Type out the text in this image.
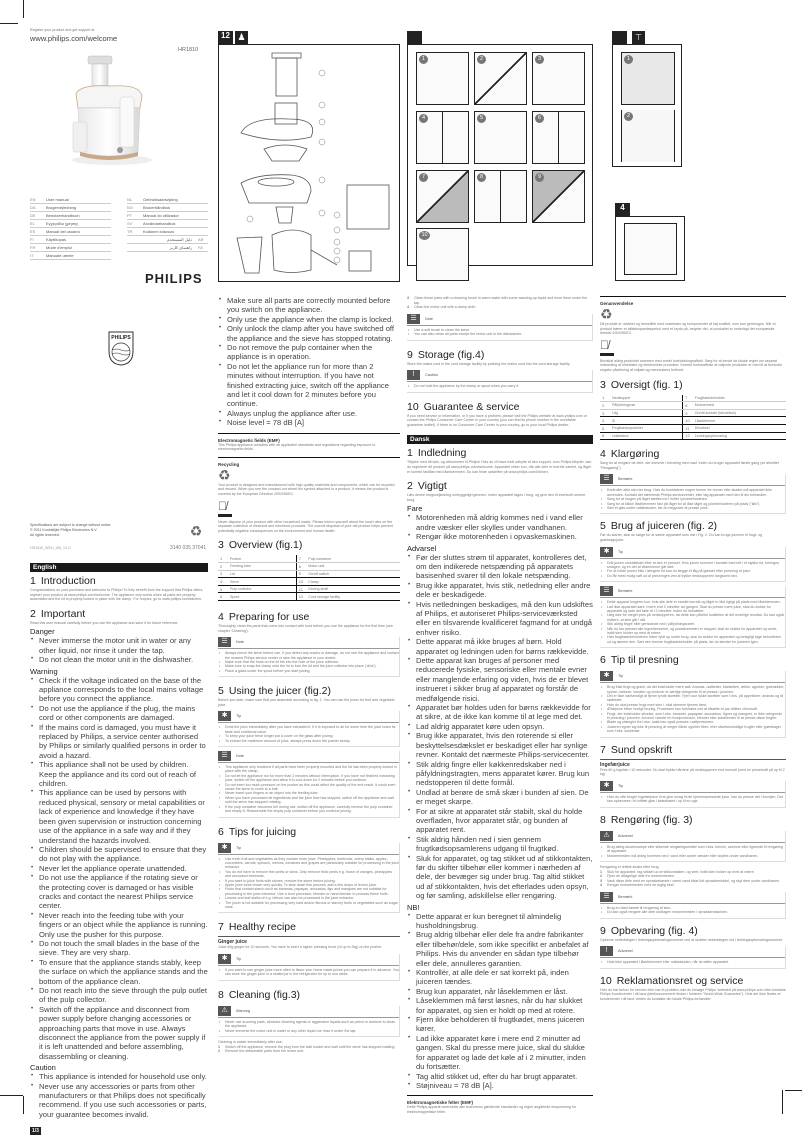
Register your product and get support at
www.philips.com/welcome
HR1810
EN	User manual
DA	Brugervejledning
DE	Benutzerhandbuch
EL	Εγχειρίδιο χρήσης
ES	Manual del usuario
FI	Käyttöopas
FR	Mode d'emploi
IT	Manuale utente
NL	Gebruiksaanwijzing
NO	Brukerhåndbok
PT	Manual do utilizador
SV	Användarhandbok
TR	Kullanım kılavuzu
دليل المستخدم AR
راهنمای کاربر FA
PHILIPS
PHILIPS
Specifications are subject to change without notice
© 2011 Koninklijke Philips Electronics N.V.
All rights reserved.	♻
HR1810_WEU_UM_V1.0	3140 035 37041
English
1 Introduction
Congratulations on your purchase and welcome to Philips! To fully benefit from the support that Philips offers, register your product at www.philips.com/welcome. The appliance only works when all parts are properly assembled and the lid is properly locked in place with the clamp. For recipes, go to www.philips.com/kitchen.
2 Important
Read this user manual carefully before you use the appliance and save it for future reference.
Danger
• Never immerse the motor unit in water or any other liquid, nor rinse it under the tap.
• Do not clean the motor unit in the dishwasher.
Warning
• Check if the voltage indicated on the base of the appliance corresponds to the local mains voltage before you connect the appliance.
• Do not use the appliance if the plug, the mains cord or other components are damaged.
• If the mains cord is damaged, you must have it replaced by Philips, a service center authorised by Philips or similarly qualified persons in order to avoid a hazard.
• This appliance shall not be used by children. Keep the appliance and its cord out of reach of children.
• This appliance can be used by persons with reduced physical, sensory or metal capabilities or lack of experience and knowledge if they have been given supervision or instruction concerning use of the appliance in a safe way and if they understand the hazards involved.
• Children should be supervised to ensure that they do not play with the appliance.
• Never let the appliance operate unattended.
• Do not use the appliance if the rotating sieve or the protecting cover is damaged or has visible cracks and contact the nearest Philips service center.
• Never reach into the feeding tube with your fingers or an object while the appliance is running. Only use the pusher for this purpose.
• Do not touch the small blades in the base of the sieve. They are very sharp.
• To ensure that the appliance stands stably, keep the surface on which the appliance stands and the bottom of the appliance clean.
• Do not reach into the sieve through the pulp outlet of the pulp collector.
• Switch off the appliance and disconnect from power supply before changing accessories or approaching parts that move in use. Always disconnect the appliance from the power supply if it is left unattended and before assembling, disassembling or cleaning.
Caution
• This appliance is intended for household use only.
• Never use any accessories or parts from other manufacturers or that Philips does not specifically recommend. If you use such accessories or parts, your guarantee becomes invalid.
1/3
12 ♟
• Make sure all parts are correctly mounted before you switch on the appliance.
• Only use the appliance when the clamp is locked.
• Only unlock the clamp after you have switched off the appliance and the sieve has stopped rotating.
• Do not remove the pulp container when the appliance is in operation.
• Do not let the appliance run for more than 2 minutes without interruption. If you have not finished extracting juice, switch off the appliance and let it cool down for 2 minutes before you continue.
• Always unplug the appliance after use.
• Noise level = 78 dB [A]
Electromagnetic fields (EMF)
This Philips appliance complies with all applicable standards and regulations regarding exposure to electromagnetic fields.
Recycling
♻
Your product is designed and manufactured with high quality materials and components, which can be recycled and reused. When you see the crossed-out wheel bin symbol attached to a product, it means the product is covered by the European Directive 2002/96/EC.
🗑̸
Never dispose of your product with other household waste. Please inform yourself about the local rules on the separate collection of electrical and electronic products. The correct disposal of your old product helps prevent potentially negative consequences on the environment and human health.
3 Overview (fig.1)
1	Pusher	7	Pulp container
2	Feeding tube	8	Motor unit
3	Lid	9	On/off switch
4	Sieve	10	Clamp
5	Pulp collector	11	Driving shaft
6	Spout	12	Cord storage facility
4 Preparing for use
Thoroughly clean the parts that come into contact with food before you use the appliance for the first time (see chapter 'Cleaning').
☰	Note
• Always check the sieve before use. If you detect any cracks or damage, do not use the appliance and contact the nearest Philips service center or take the appliance to your dealer.
• Make sure that the hook on the lid fits into the hole of the juice collector.
• Make sure to snap the clamp onto the lid to lock the lid and the juice collector into place ('click').
• Place a glass under the spout before you start juicing.
5 Using the juicer (fig.2)
Before you start, make sure that you assemble according to fig. 2. You can use the juicer for fruit and vegetable juice.
✱	Tip
• Drink the juice immediately after you have extracted it. If it is exposed to air for some time the juice loses its taste and nutritional value.
• To keep your juice fresh longer put a cover on the glass after juicing.
• To extract the maximum amount of juice, always press down the pusher slowly.
☰	Note
• This appliance only functions if all parts have been properly mounted and the lid has been properly locked in place with the clamp.
• Do not let the appliance run for more than 2 minutes without interruption. If you have not finished extracting juice, switch off the appliance and allow it to cool down for 2 minutes before you continue.
• Do not exert too much pressure on the pusher as this could affect the quality of the end result. It could even cause the sieve to come to a halt.
• Never insert your fingers or an object into the feeding tube.
• When you have processed all ingredients and the juice flow has stopped, switch off the appliance and wait until the sieve has stopped rotating.
• If the pulp container becomes full during use, switch off the appliance, carefully remove the pulp container and empty it. Reassemble the empty pulp container before you continue juicing.
6 Tips for juicing
✱	Tip
• Use fresh fruit and vegetables as they contain more juice. Pineapples, beetroots, celery stalks, apples, cucumbers, carrots, spinach, melons, tomatoes and grapes are particularly suitable for processing in the juice extractor.
• You do not have to remove thin peels or skins. Only remove thick peels e.g. those of oranges, pineapples and uncooked beetroots.
• If you want to juice fruits with stones, remove the stone before juicing.
• Apple juice turns brown very quickly. To slow down this process, add a few drops of lemon juice.
• Fruits that contain starch such as bananas, papayas, avocados, figs and mangoes are not suitable for processing in the juice extractor. Use a food processor, blender or hand blender to process these fruits.
• Leaves and leaf stalks of e.g. lettuce can also be processed in the juice extractor.
• The juicer is not suitable for processing very hard and/or fibrous or starchy fruits or vegetables such as sugar cane.
7 Healthy recipe
Ginger juice
Juice 60g ginger for 10 seconds. You have to exert a higher pressing force (of up to 2kg) on the pusher.
✱	Tip
• If you want to use ginger juice more often to flavor your home made juices you can prepare it in advance. You can store the ginger juice in a sealed jar in the refrigerator for up to one week.
8 Cleaning (fig.3)
⚠	Warning
• Never use scouring pads, abrasive cleaning agents or aggressive liquids such as petrol or acetone to clean the appliance.
• Never immerse the motor unit in water or any other liquid nor rinse it under the tap.
Cleaning is easier immediately after use.
1 Switch off the appliance, remove the plug from the wall socket and wait until the sieve has stopped rotating.
2 Remove the detachable parts from the motor unit.
1	2	3
4	5	6
7	8	9
10
3 Clean these parts with a cleaning brush in warm water with some washing-up liquid and rinse them under the tap.
4 Clean the motor unit with a damp cloth.
☰	Note
• Use a soft brush to clean the sieve.
• You can also clean all parts except the motor unit in the dishwasher.
9 Storage (fig.4)
Store the mains cord in the cord storage facility by pushing the mains cord into the cord storage facility.
!	Caution
• Do not hold the appliance by the clamp or spout when you carry it.
10 Guarantee & service
If you need service or information, or if you have a problem, please visit the Philips website at www.philips.com or contact the Philips Consumer Care Center in your country (you can find its phone number in the worldwide guarantee leaflet). If there is no Consumer Care Center in your country, go to your local Philips dealer.
Dansk
1 Indledning
Tillykke med dit køb, og velkommen til Philips! Hvis du vil have fuldt udbytte af den support, som Philips tilbyder, kan du registrere dit produkt på www.philips.com/welcome. Apparatet virker kun, når alle dele er korrekt samlet, og låget er korrekt fastlåst med låseklemmen. Du kan finde opskrifter på www.philips.com/kitchen.
2 Vigtigt
Læs denne brugsvejledning omhyggeligt igennem, inden apparatet tages i brug, og gem den til eventuelt senere brug.
Fare
• Motorenheden må aldrig kommes ned i vand eller andre væsker eller skylles under vandhanen.
• Rengør ikke motorenheden i opvaskemaskinen.
Advarsel
• Før der sluttes strøm til apparatet, kontrolleres det, om den indikerede netspænding på apparatets basisenhed svarer til den lokale netspænding.
• Brug ikke apparatet, hvis stik, netledning eller andre dele er beskadigede.
• Hvis netledningen beskadiges, må den kun udskiftes af Philips, et autoriseret Philips-serviceværksted eller en tilsvarende kvalificeret fagmand for at undgå enhver risiko.
• Dette apparat må ikke bruges af børn. Hold apparatet og ledningen uden for børns rækkevidde.
• Dette apparat kan bruges af personer med reducerede fysiske, sensoriske eller mentale evner eller manglende erfaring og viden, hvis de er blevet instrueret i sikker brug af apparatet og forstår de medfølgende risici.
• Apparatet bør holdes uden for børns rækkevidde for at sikre, at de ikke kan komme til at lege med det.
• Lad aldrig apparatet køre uden opsyn.
• Brug ikke apparatet, hvis den roterende si eller beskyttelsesdækslet er beskadiget eller har synlige revner. Kontakt det nærmeste Philips-servicecenter.
• Stik aldrig fingre eller køkkenredskaber ned i påfyldningstragten, mens apparatet kører. Brug kun nedstopperen til dette formål.
• Undlad at berøre de små skær i bunden af sien. De er meget skarpe.
• For at sikre at apparatet står stabilt, skal du holde overfladen, hvor apparatet står, og bunden af apparatet rent.
• Stik aldrig hånden ned i sien gennem frugtkødsopsamlerens udgang til frugtkød.
• Sluk for apparatet, og tag stikket ud af stikkontakten, før du skifter tilbehør eller kommer i nærheden af dele, der bevæger sig under brug. Tag altid stikket ud af stikkontakten, hvis det efterlades uden opsyn, og før samling, adskillelse eller rengøring.
NB!
• Dette apparat er kun beregnet til almindelig husholdningsbrug.
• Brug aldrig tilbehør eller dele fra andre fabrikanter eller tilbehør/dele, som ikke specifikt er anbefalet af Philips. Hvis du anvender en sådan type tilbehør eller dele, annulleres garantien.
• Kontrollér, at alle dele er sat korrekt på, inden juiceren tændes.
• Brug kun apparatet, når låseklemmen er låst.
• Låseklemmen må først løsnes, når du har slukket for apparatet, og sien er holdt op med at rotere.
• Fjern ikke beholderen til frugtkødet, mens juiceren kører.
• Lad ikke apparatet køre i mere end 2 minutter ad gangen. Skal du presse mere juice, skal du slukke for apparatet og lade det køle af i 2 minutter, inden du fortsætter.
• Tag altid stikket ud, efter du har brugt apparatet.
• Støjniveau = 78 dB [A].
Elektromagnetiske felter (EMF)
Dette Philips-apparat overholder alle branchens gældende standarder og regler angående eksponering for elektromagnetiske felter.
⊤
1
2
4
Genanvendelse
♻
Dit produkt er udviklet og fremstillet med materialer og komponenter af høj kvalitet, som kan genbruges. Når et produkt bærer et affaldsspandssymbol med et kryds på, betyder det, at produktet er underlagt det europæiske direktiv 2002/96/EC.
🗑̸
Bortskaf aldrig produktet sammen med andet husholdningsaffald. Sørg for at kende de lokale regler om separat indsamling af elektriske og elektroniske produkter. Korrekt bortskaffelse af udtjente produkter er med til at forhindre negativ påvirkning af miljøet og menneskers helbred.
3 Oversigt (fig. 1)
1	Nedstopper	7	Frugtkødsbeholder
2	Påfyldningsrør	8	Motorenhed
3	Låg	9	On/off-kontakt (tænd/sluk)
4	Si	10	Låseklemme
5	Frugtkødsopsamler	11	Drivaksel
6	Udløbstud	12	Ledningsopbevaring
4 Klargøring
Sørg for at rengøre de dele, der kommer i berøring med mad, inden du bruger apparatet første gang (se afsnittet "Rengøring").
☰	Bemærk
• Kontroller altid sien før brug. Hvis du konstaterer nogen former for revner eller skader må apparatet ikke anvendes. Kontakt det nærmeste Philips servicecenter, eller tag apparatet med hen til din forhandler.
• Sørg for at krogen på låget sættes ind i hullet i juicebeholderen.
• Sørg for at klikke låseklemmen fast på låget for at låse låget og juicebeholderen på plads ("klik").
• Sæt et glas under udløbstuden, før du begynder at presse juice.
5 Brug af juiceren (fig. 2)
Før du starter, skal du sørge for at samle apparatet som vist i Fig. 2. Du kan bruge juiceren til frugt- og grøntsagsjuice.
✱	Tip
• Drik juicen umiddelbart efter at den er presset. Hvis juicen kommer i kontakt med luft i et stykke tid, forringes smagen, og en del af vitaminerne går tabt.
• For at holde juicen frisk i længere tid kan du lægge et låg på glasset efter presning af juice.
• Du får mest mulig saft ud af presningen ved at trykke nedstopperen langsomt ned.
☰	Bemærk
• Dette apparat fungerer kun, hvis alle dele er samlet korrekt og låget er låst rigtigt på plads med låseklemmen.
• Lad ikke apparatet køre i mere end 2 minutter ad gangen. Skal du presse mere juice, skal du slukke for apparatet og lade det køle af i 2 minutter, inden du fortsætter.
• Læg ikke for meget pres på nedstopperen, da dette kan påvirke kvaliteten af det endelige resultat. Du kan også risikere, at sien går i stå.
• Stik aldrig fingre eller genstande ned i påfyldningsrøret.
• Når du har presset alle ingredienserne, og juicestrømmen er stoppet, skal du slukke for apparatet og vente, indtil sien holder op med at rotere.
• Hvis frugtkødsbeholderen bliver fyldt op under brug, skal du slukke for apparatet og forsigtigt tage beholderen ud og tømme den. Sæt den tomme frugtkødsbeholder på plads, før du tænder for juiceren igen.
6 Tip til presning
✱	Tip
• Brug frisk frugt og grønt, da det indeholder mere saft. Ananas, rødbeder, bladselleri, æbler, agurker, gulerødder, spinat, meloner, tomater og vindruer er særligt velegnede til at presse i juiceren.
• Det er ikke nødvendigt at fjerne tynde skræller. Fjern kun tykke skræller som f.eks. på appelsiner, ananas og rå rødbeder.
• Hvis du skal presse frugt med sten i, skal stenene fjernes først.
• Æblejuice bliver hurtigt brunlig. Processen kan forsinkes ved at tilsætte et par dråber citronsaft.
• Frugt, der indeholder stivelse, som f.eks. bananer, papayaer, avocadoer, figner og mangoer, er ikke velegnede til presning i juiceren. Anvend i stedet en foodprocessor, blender eller stavblender til at presse disse frugter.
• Blade og stængler fra f.eks. salat kan også presses i saftpresseren.
• Juiceren egner sig ikke til presning af meget hårde og/eller fiber- eller stivelsesholdige frugter eller grøntsager som f.eks. sukkerrør.
7 Sund opskrift
Ingefærjuice
Pres 60 g ingefær i 10 sekunder. Du skal trykke hårdere på nedstopperen end normalt (med en presekraft på op til 2 kg).
✱	Tip
• Hvis du ofte bruger ingefærjuice til at give smag til din hjemmepressede juice, kan du presse det i forvejen. Det kan opbevares i et lufttæt glas i køleskabet i op til en uge.
8 Rengøring (fig. 3)
⚠	Advarsel
• Brug aldrig skuresvampe eller slibende rengøringsmidler som f.eks. benzin, acetone eller lignende til rengøring af apparatet.
• Motorenheden må aldrig kommes ned i vand eller andre væsker eller skylles under vandhanen.
Rengøring er lettest straks efter brug.
1 Sluk for apparatet, tag stikket ud af stikkontakten, og vent, indtil sien holder op med at rotere.
2 Fjern de aftagelige dele fra motorenheden.
3 Vask disse dele med en opvaskebørste i varmt vand tilsat lidt opvaskemiddel, og skyl dem under vandhanen.
4 Rengør motorenheden med en fugtig klud.
☰	Bemærk
• Brug en blød børste til rengøring af sien.
• Du kan også rengøre alle dele undtagen motorenheden i opvaskemaskinen.
9 Opbevaring (fig. 4)
Opbevar netledningen i ledningsopbevaringsrummet ved at skubbe netledningen ind i ledningsopbevaringsrummet.
!	Advarsel
• Hold ikke apparatet i låseklemmen eller udløbstuden, når du løfter apparatet.
10 Reklamationsret og service
Hvis du har behov for service eller har et problem, kan du besøge Philips' websted på www.philips.com eller kontakte Philips Kundecenter i dit land (telefonnummeret findes i folderen "World-Wide Guarantee"). Hvis der ikke findes et kundecenter i dit land, bedes du kontakte din lokale Philips-forhandler.
